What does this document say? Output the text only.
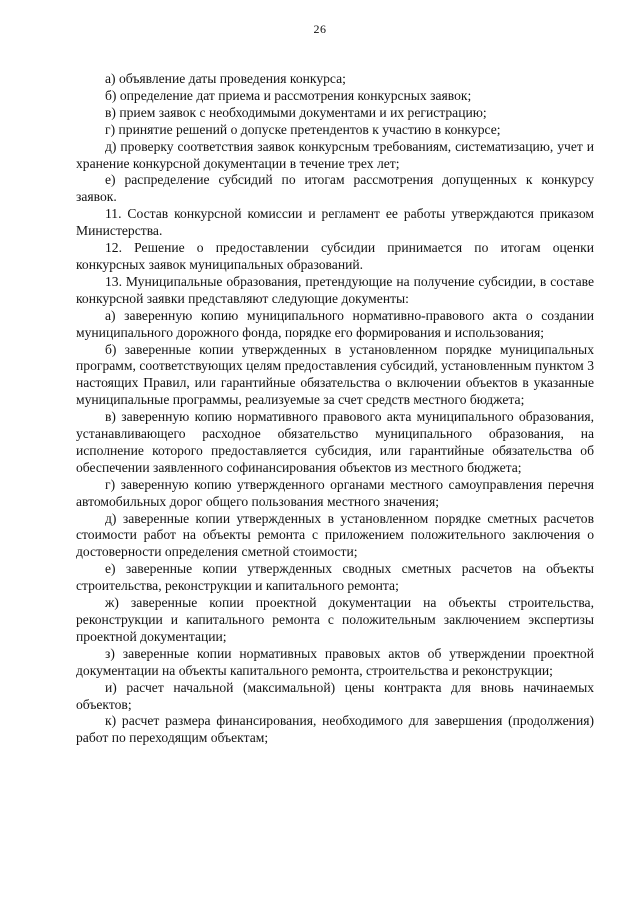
26

а) объявление даты проведения конкурса;

б) определение дат приема и рассмотрения конкурсных заявок;

в) прием заявок с необходимыми документами и их регистрацию;

г) принятие решений о допуске претендентов к участию в конкурсе;

д) проверку соответствия заявок конкурсным требованиям, систематизацию, учет и хранение конкурсной документации в течение трех лет;

е) распределение субсидий по итогам рассмотрения допущенных к конкурсу заявок.

11. Состав конкурсной комиссии и регламент ее работы утверждаются приказом Министерства.

12. Решение о предоставлении субсидии принимается по итогам оценки конкурсных заявок муниципальных образований.

13. Муниципальные образования, претендующие на получение субсидии, в составе конкурсной заявки представляют следующие документы:

а) заверенную копию муниципального нормативно-правового акта о создании муниципального дорожного фонда, порядке его формирования и использования;

б) заверенные копии утвержденных в установленном порядке муниципальных программ, соответствующих целям предоставления субсидий, установленным пунктом 3 настоящих Правил, или гарантийные обязательства о включении объектов в указанные муниципальные программы, реализуемые за счет средств местного бюджета;

в) заверенную копию нормативного правового акта муниципального образования, устанавливающего расходное обязательство муниципального образования, на исполнение которого предоставляется субсидия, или гарантийные обязательства об обеспечении заявленного софинансирования объектов из местного бюджета;

г) заверенную копию утвержденного органами местного самоуправления перечня автомобильных дорог общего пользования местного значения;

д) заверенные копии утвержденных в установленном порядке сметных расчетов стоимости работ на объекты ремонта с приложением положительного заключения о достоверности определения сметной стоимости;

е) заверенные копии утвержденных сводных сметных расчетов на объекты строительства, реконструкции и капитального ремонта;

ж) заверенные копии проектной документации на объекты строительства, реконструкции и капитального ремонта с положительным заключением экспертизы проектной документации;

з) заверенные копии нормативных правовых актов об утверждении проектной документации на объекты капитального ремонта, строительства и реконструкции;

и) расчет начальной (максимальной) цены контракта для вновь начинаемых объектов;

к) расчет размера финансирования, необходимого для завершения (продолжения) работ по переходящим объектам;
